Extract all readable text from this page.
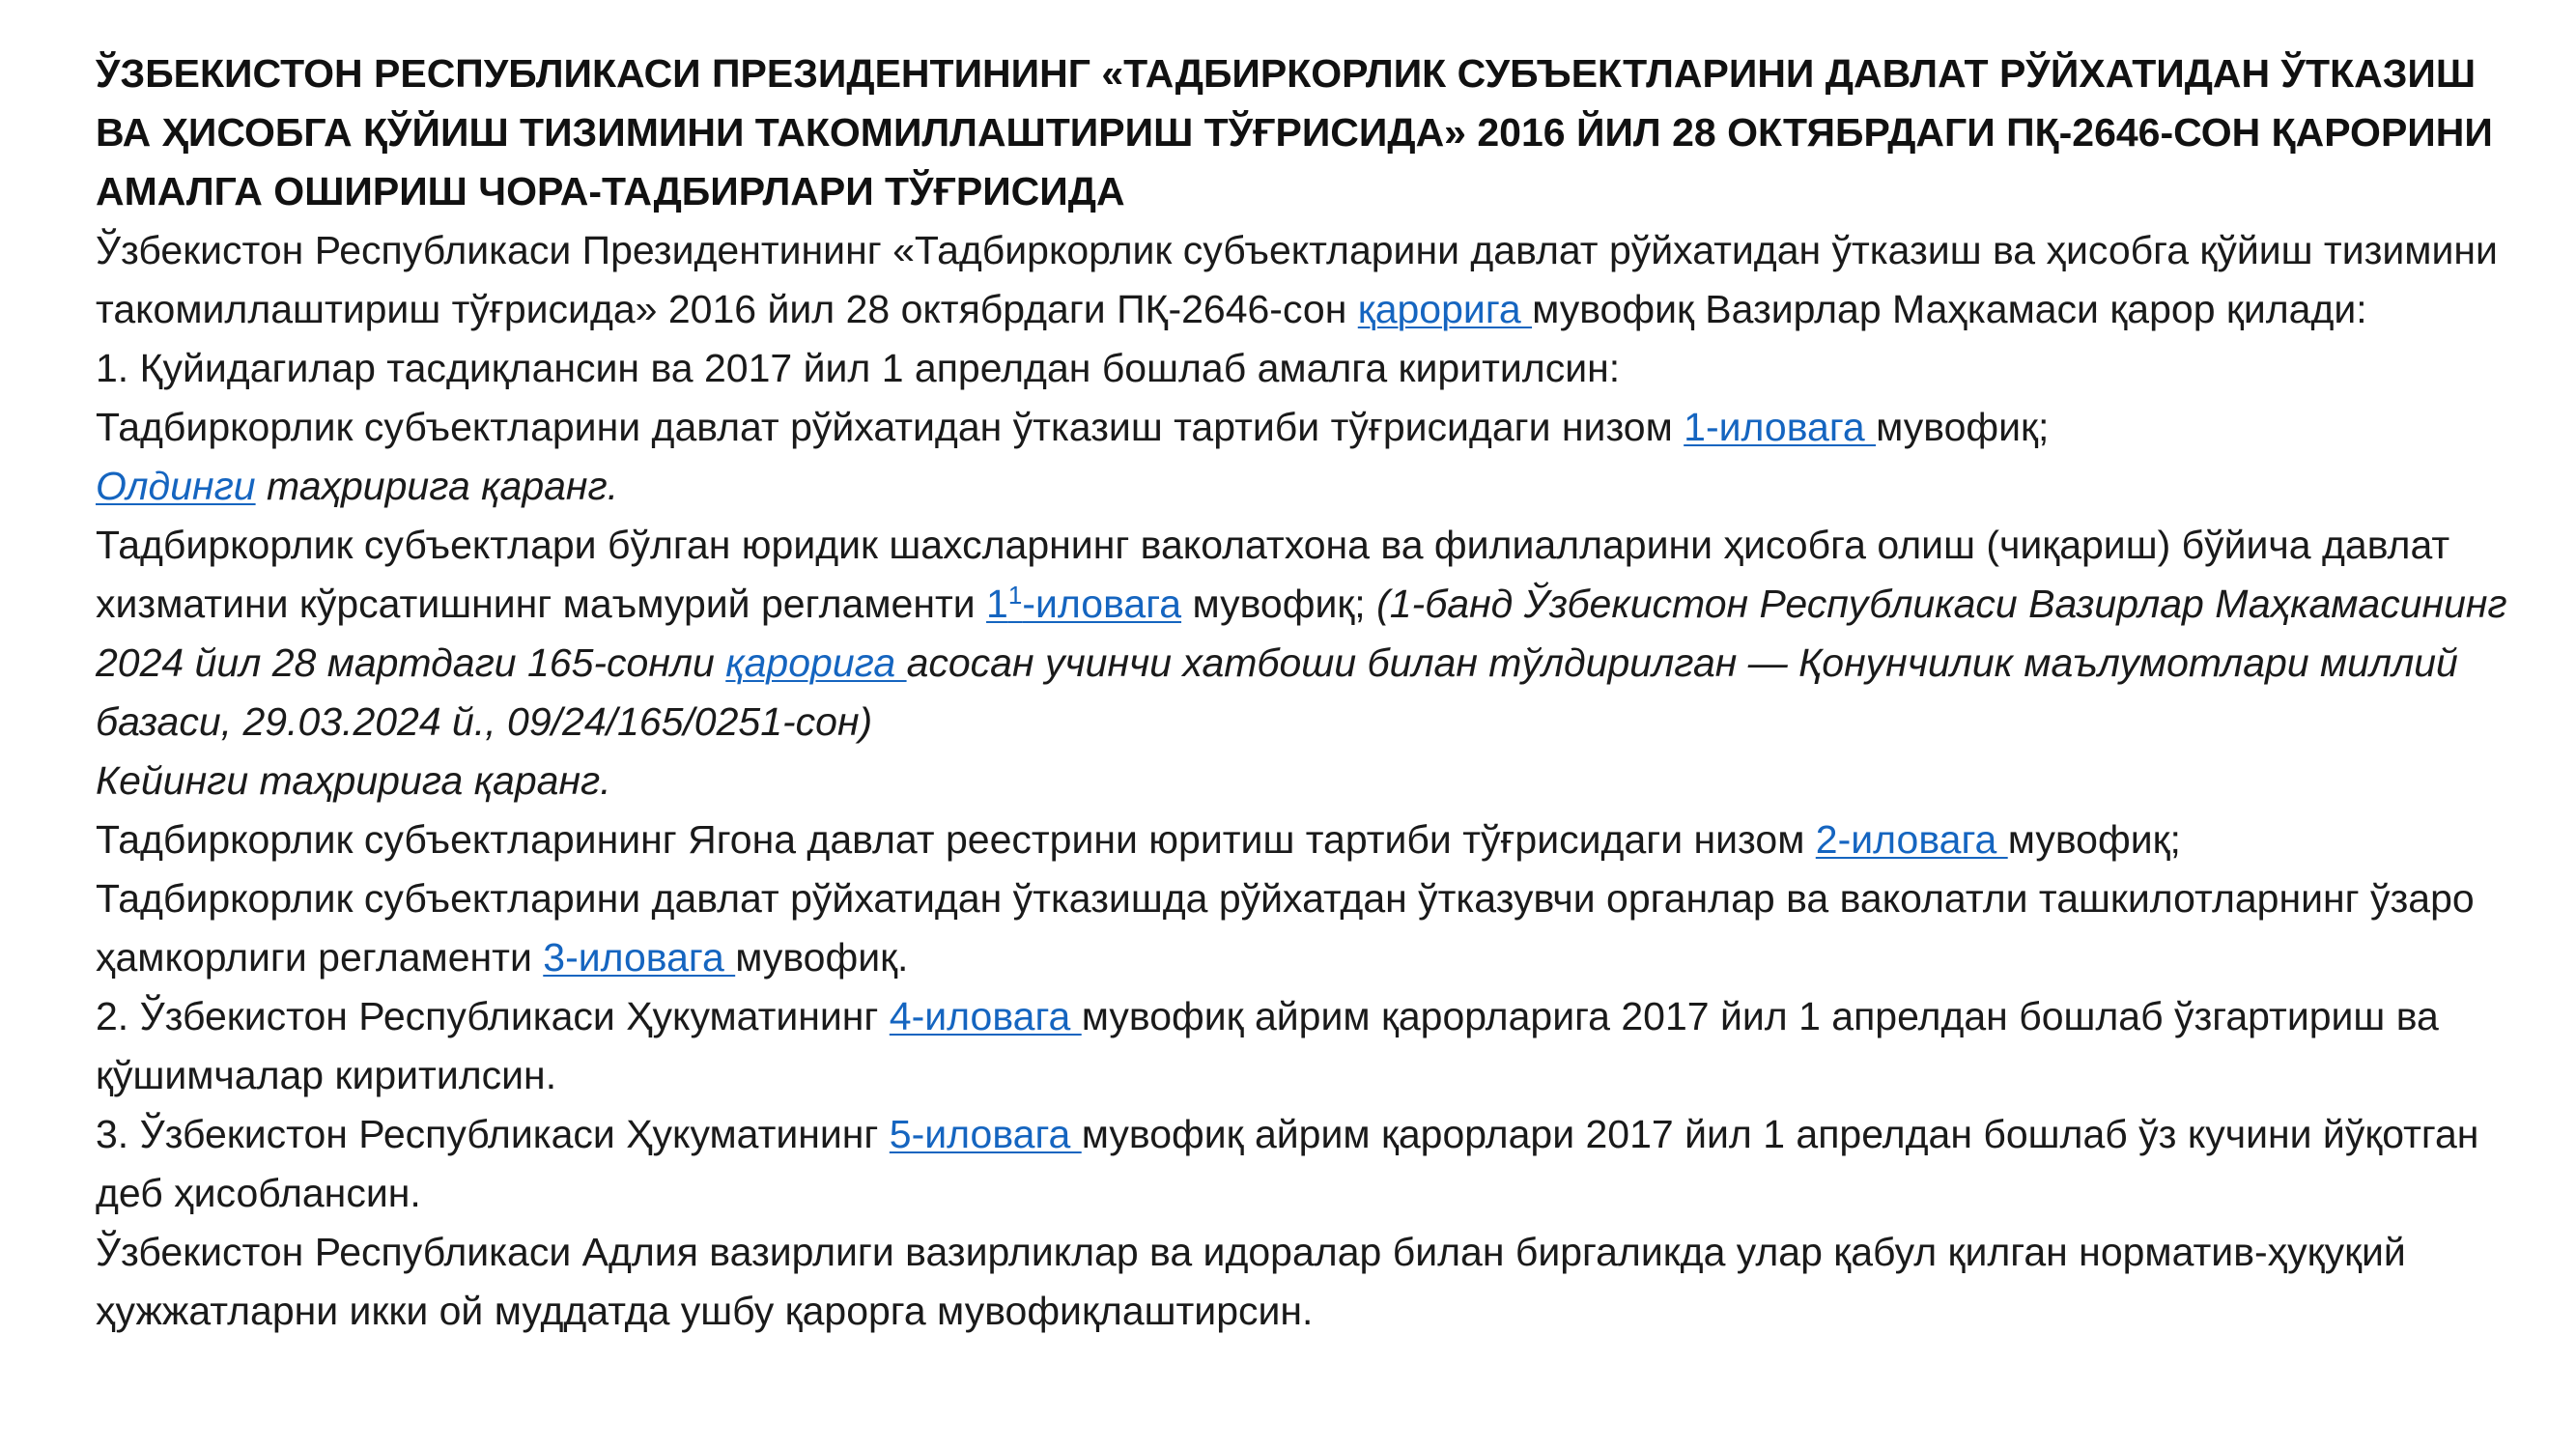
ЎЗБЕКИСТОН РЕСПУБЛИКАСИ ПРЕЗИДЕНТИНИНГ «ТАДБИРКОРЛИК СУБЪЕКТЛАРИНИ ДАВЛАТ РЎЙХАТИДАН ЎТКАЗИШ ВА ҲИСОБГА ҚЎЙИШ ТИЗИМИНИ ТАКОМИЛЛАШТИРИШ ТЎҒРИСИДА» 2016 ЙИЛ 28 ОКТЯБРДАГИ ПҚ-2646-СОН ҚАРОРИНИ АМАЛГА ОШИРИШ ЧОРА-ТАДБИРЛАРИ ТЎҒРИСИДА

Ўзбекистон Республикаси Президентининг «Тадбиркорлик субъектларини давлат рўйхатидан ўтказиш ва ҳисобга қўйиш тизимини такомиллаштириш тўғрисида» 2016 йил 28 октябрдаги ПҚ-2646-сон қарорига мувофиқ Вазирлар Маҳкамаси қарор қилади:

1. Қуйидагилар тасдиқлансин ва 2017 йил 1 апрелдан бошлаб амалга киритилсин:

Тадбиркорлик субъектларини давлат рўйхатидан ўтказиш тартиби тўғрисидаги низом 1-иловага мувофиқ;

Олдинги таҳририга қаранг.

Тадбиркорлик субъектлари бўлган юридик шахсларнинг ваколатхона ва филиалларини ҳисобга олиш (чиқариш) бўйича давлат хизматини кўрсатишнинг маъмурий регламенти 1$^1$-иловага мувофиқ; (1-банд Ўзбекистон Республикаси Вазирлар Маҳкамасининг 2024 йил 28 мартдаги 165-сонли қарорига асосан учинчи хатбоши билан тўлдирилган — Қонунчилик маълумотлари миллий базаси, 29.03.2024 й., 09/24/165/0251-сон)

Кейинги таҳририга қаранг.

Тадбиркорлик субъектларининг Ягона давлат реестрини юритиш тартиби тўғрисидаги низом 2-иловага мувофиқ;

Тадбиркорлик субъектларини давлат рўйхатидан ўтказишда рўйхатдан ўтказувчи органлар ва ваколатли ташкилотларнинг ўзаро ҳамкорлиги регламенти 3-иловага мувофиқ.

2. Ўзбекистон Республикаси Ҳукуматининг 4-иловага мувофиқ айрим қарорларига 2017 йил 1 апрелдан бошлаб ўзгартириш ва қўшимчалар киритилсин.

3. Ўзбекистон Республикаси Ҳукуматининг 5-иловага мувофиқ айрим қарорлари 2017 йил 1 апрелдан бошлаб ўз кучини йўқотган деб ҳисоблансин.

Ўзбекистон Республикаси Адлия вазирлиги вазирликлар ва идоралар билан биргаликда улар қабул қилган норматив-ҳуқуқий ҳужжатларни икки ой муддатда ушбу қарорга мувофиқлаштирсин.
